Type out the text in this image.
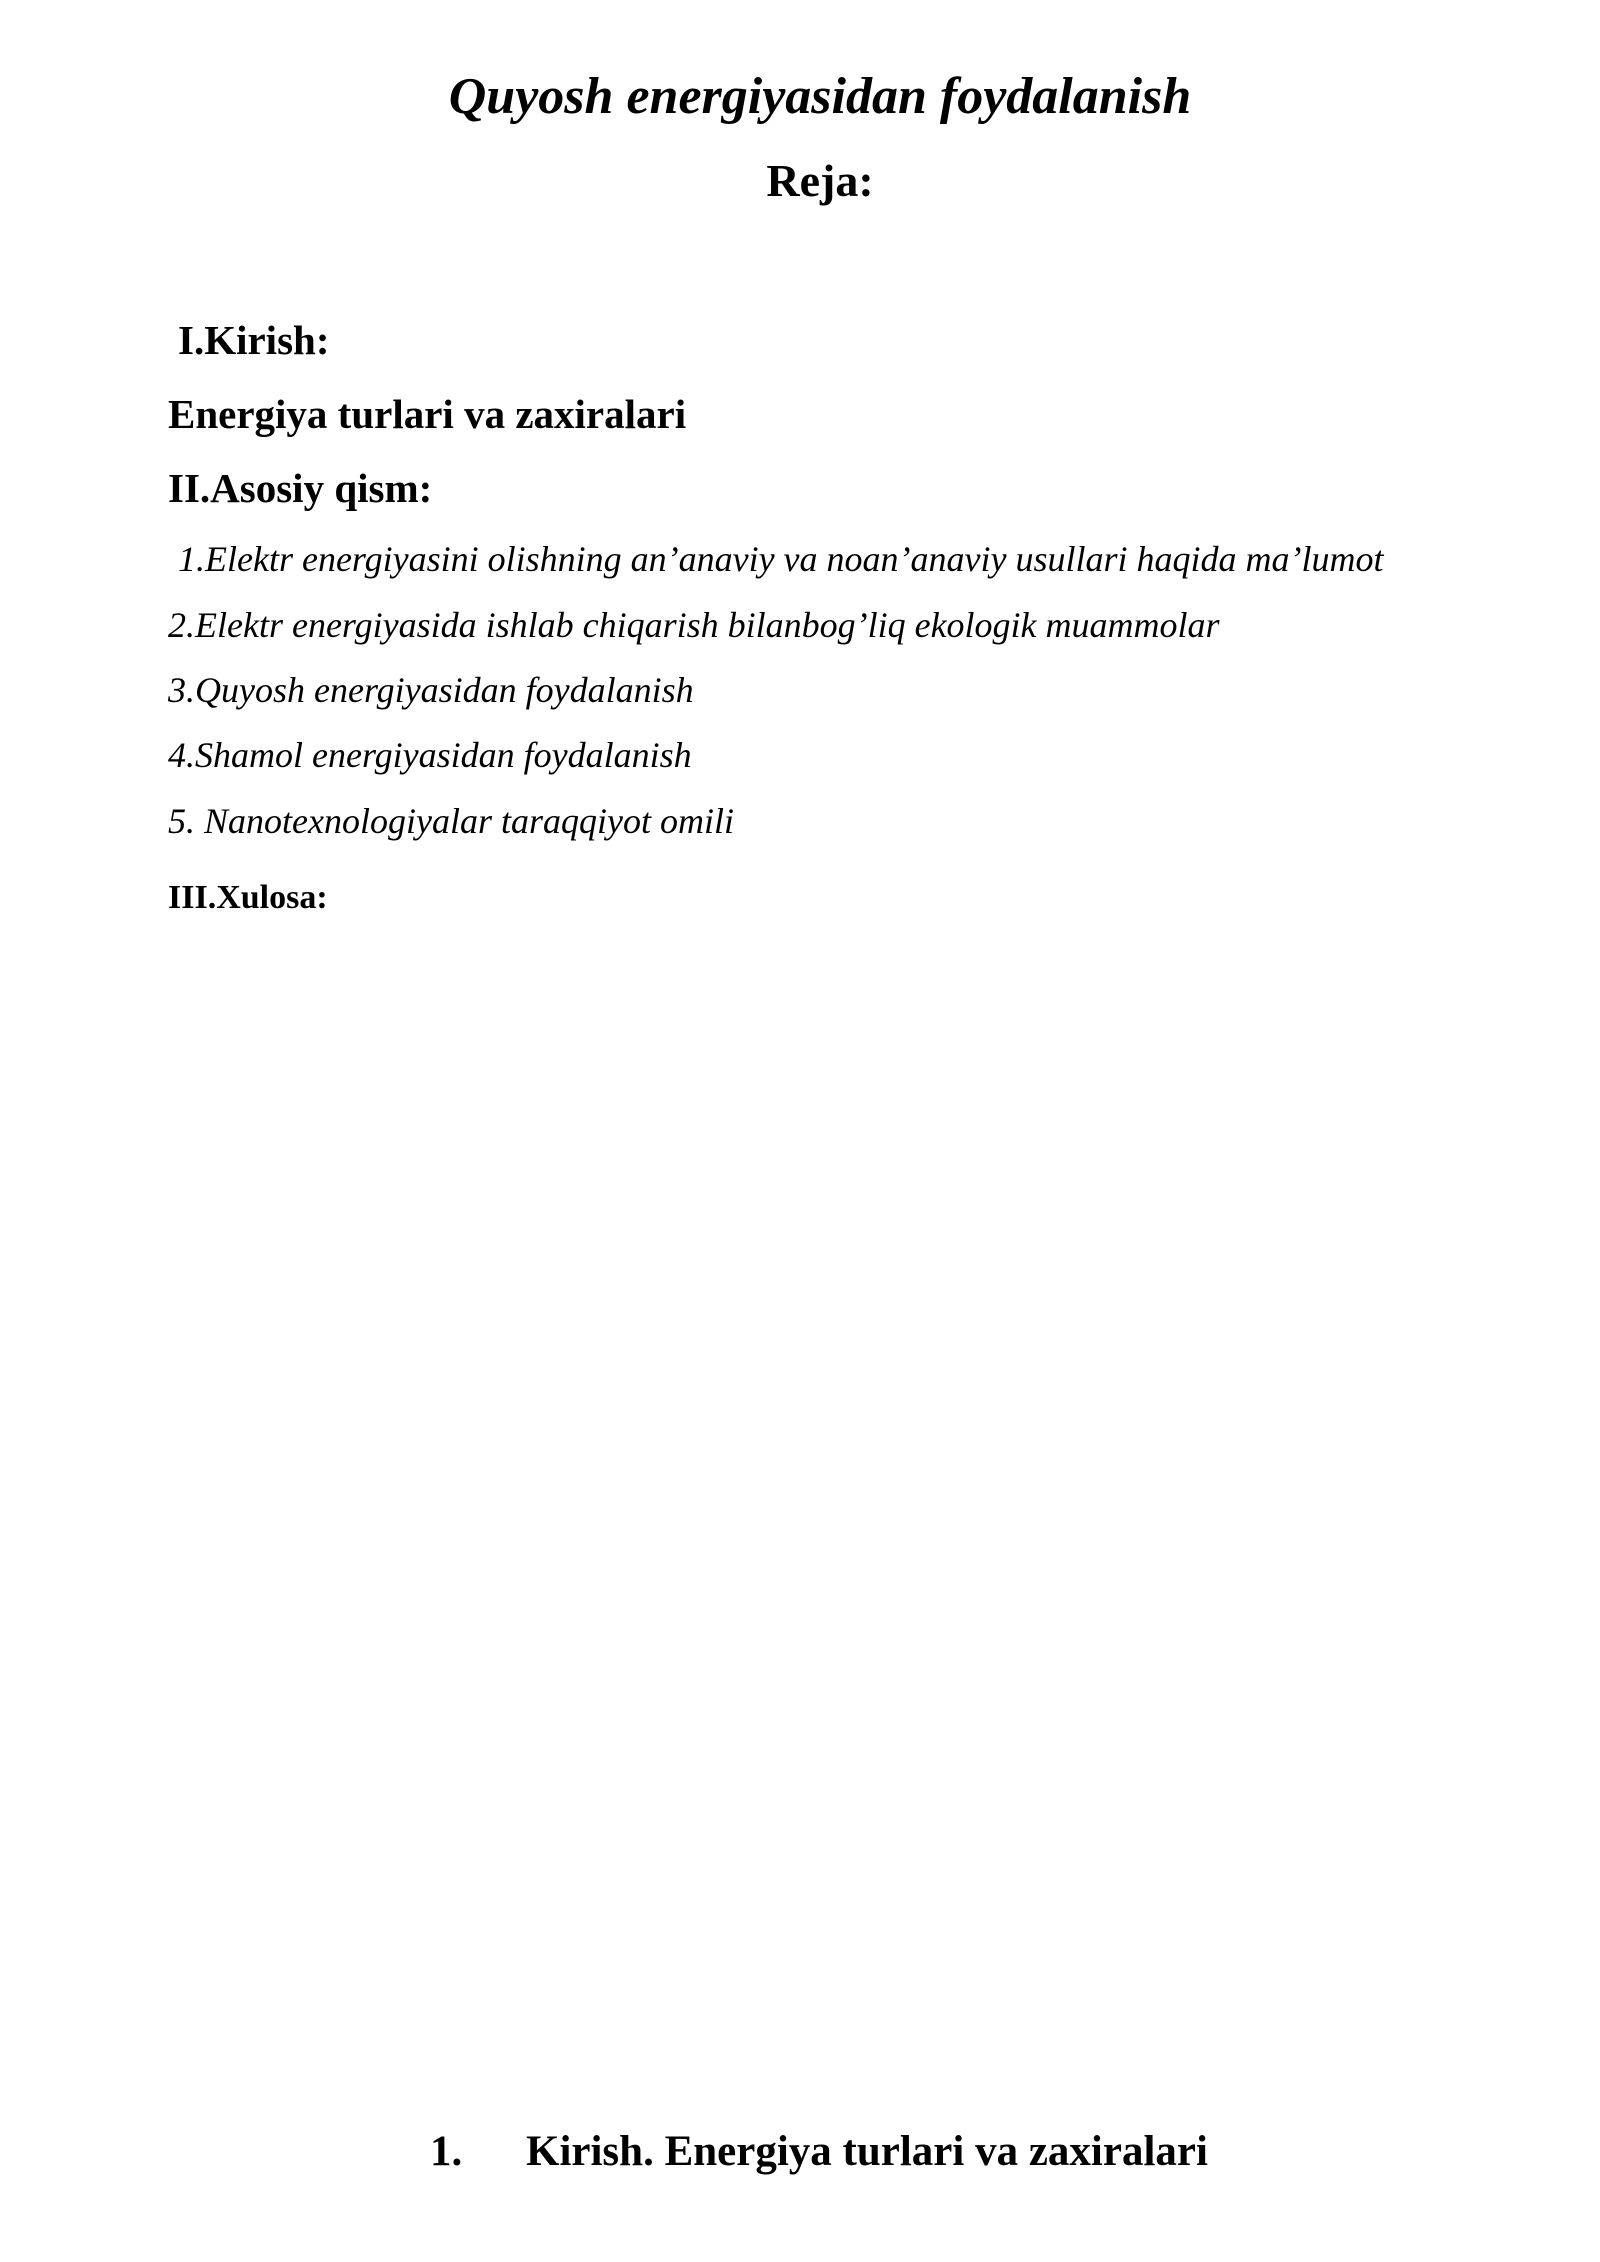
Quyosh energiyasidan foydalanish
Reja:
I.Kirish:
Energiya turlari va zaxiralari
II.Asosiy qism:
1.Elektr energiyasini olishning an’anaviy va noan’anaviy usullari haqida ma’lumot
2.Elektr energiyasida ishlab chiqarish bilanbog’liq ekologik muammolar
3.Quyosh energiyasidan foydalanish
4.Shamol energiyasidan foydalanish
5. Nanotexnologiyalar taraqqiyot omili
III.Xulosa:
1. Kirish. Energiya turlari va zaxiralari
